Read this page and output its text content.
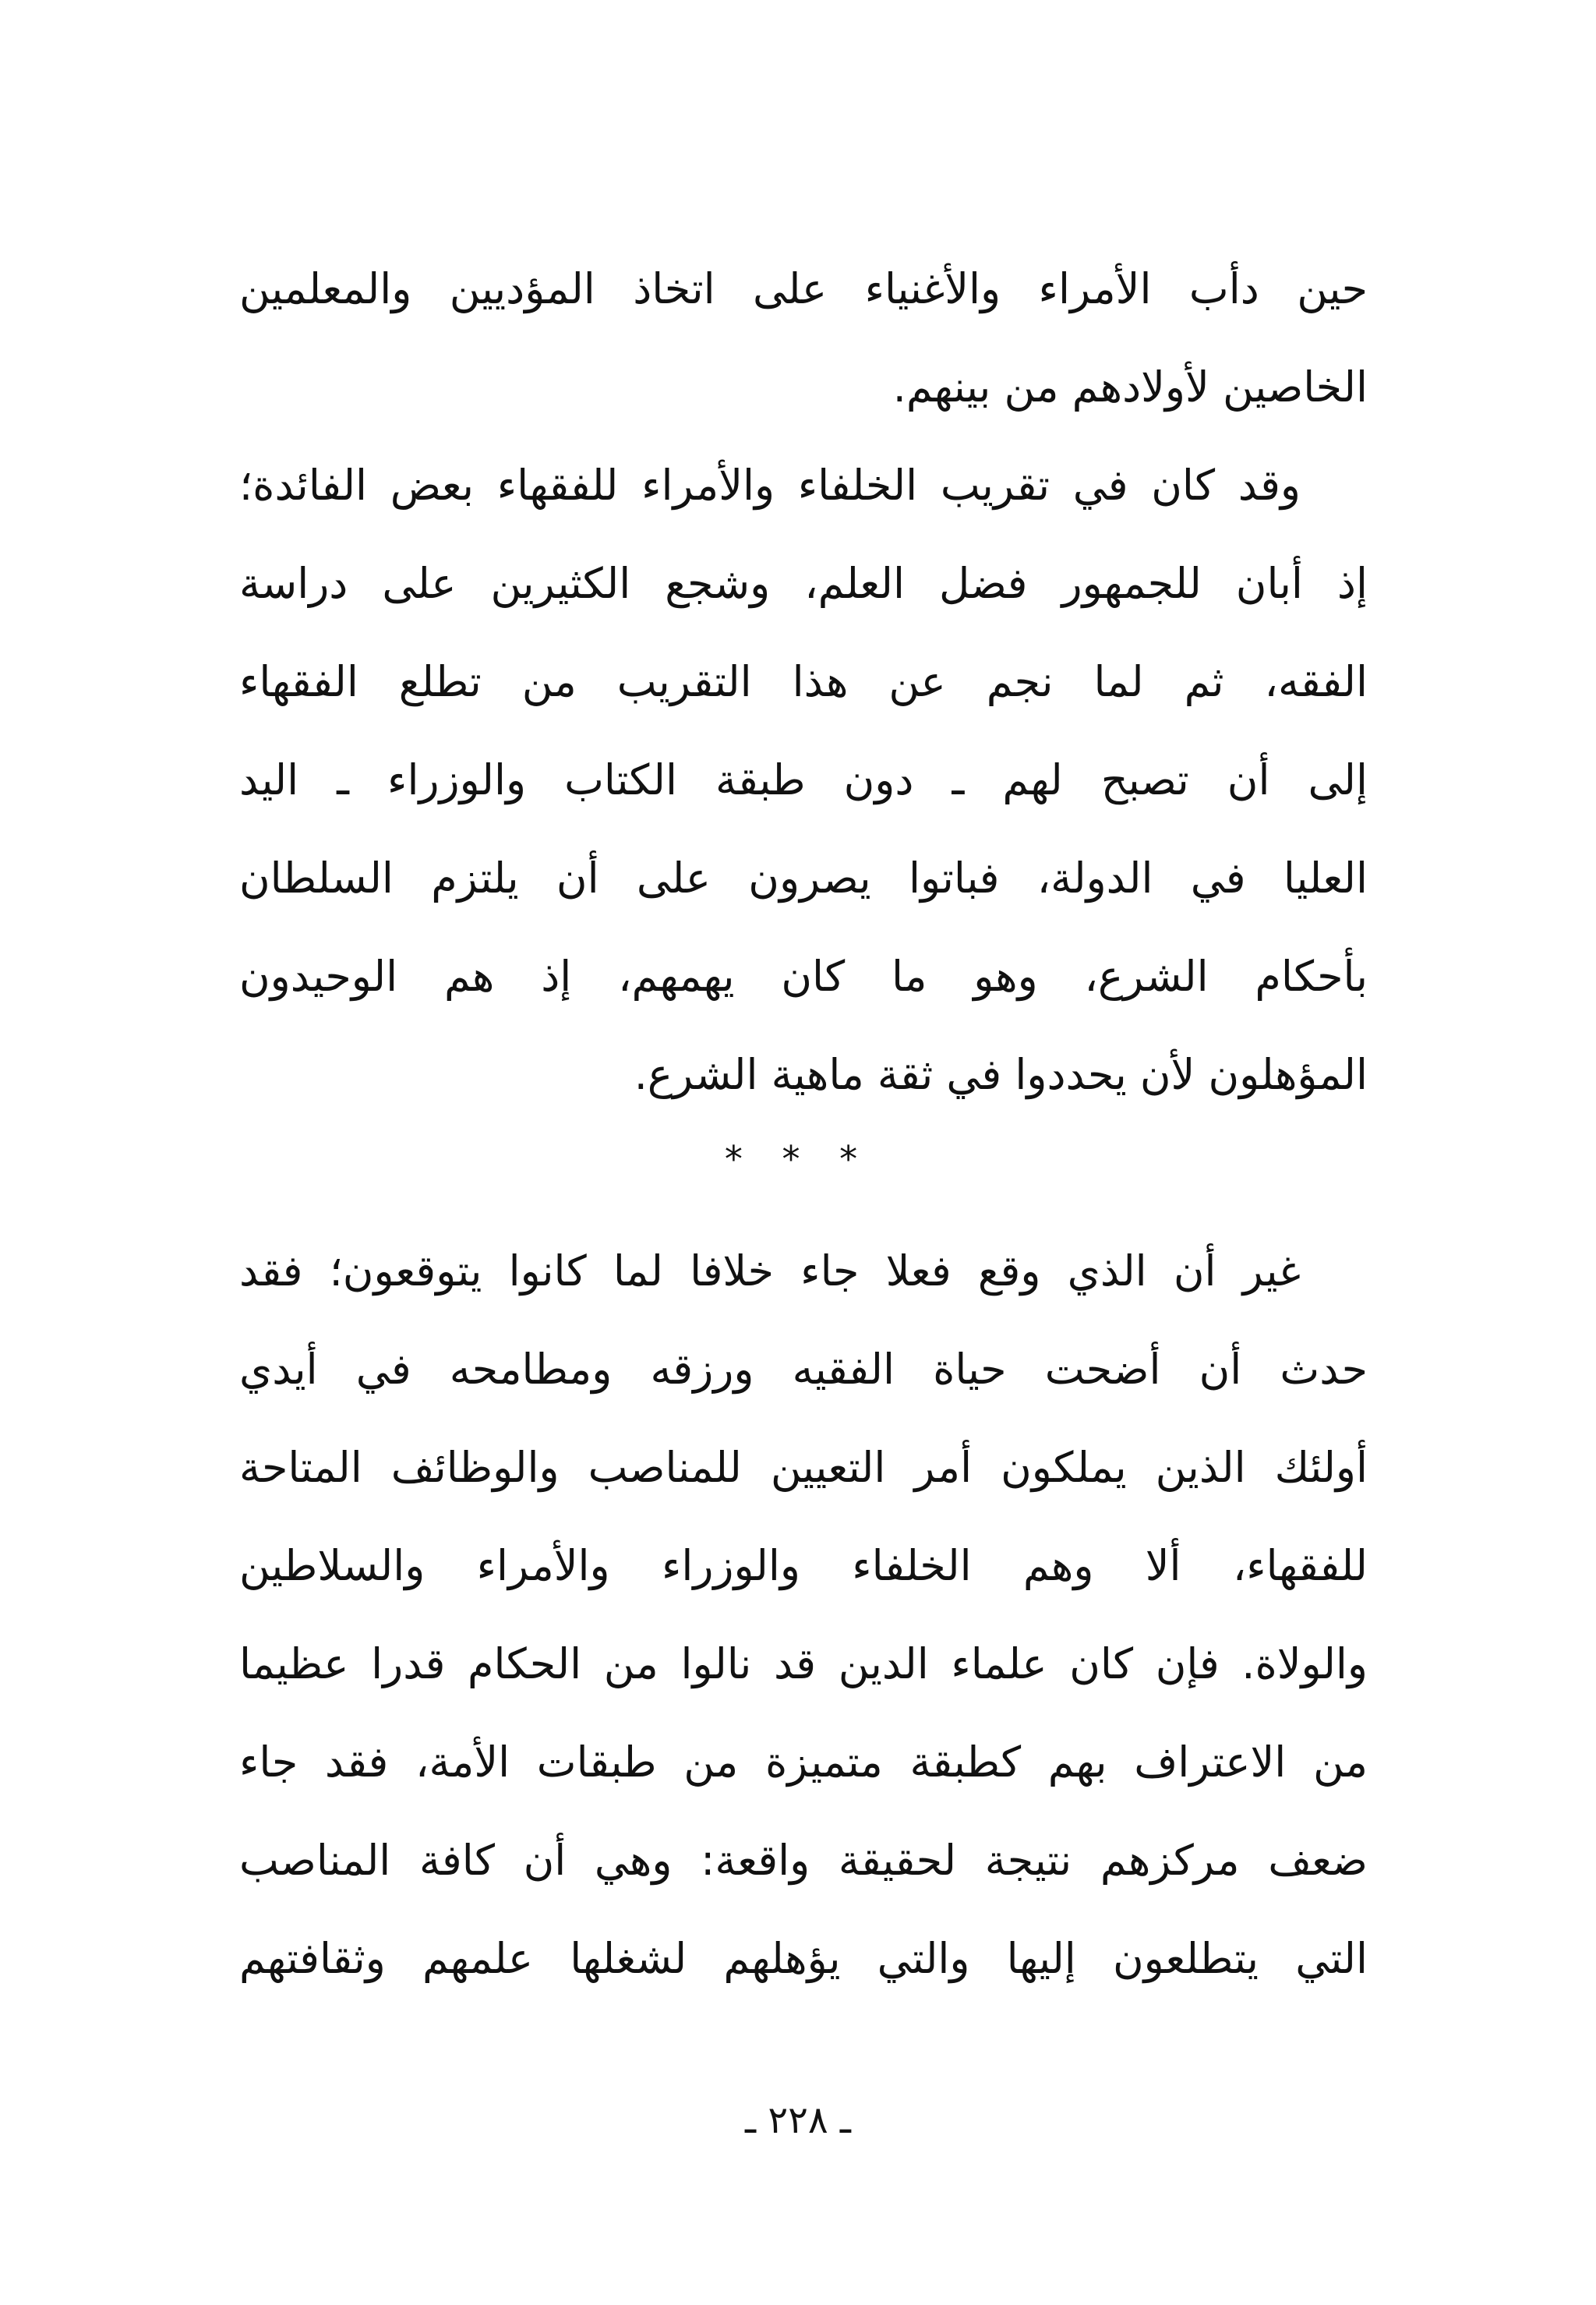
حين دأب الأمراء والأغنياء على اتخاذ المؤديين والمعلمين
الخاصين لأولادهم من بينهم.
وقد كان في تقريب الخلفاء والأمراء للفقهاء بعض الفائدة؛
إذ أبان للجمهور فضل العلم، وشجع الكثيرين على دراسة
الفقه، ثم لما نجم عن هذا التقريب من تطلع الفقهاء
إلى أن تصبح لهم ـ دون طبقة الكتاب والوزراء ـ اليد
العليا في الدولة، فباتوا يصرون على أن يلتزم السلطان
بأحكام الشرع، وهو ما كان يهمهم، إذ هم الوحيدون
المؤهلون لأن يحددوا في ثقة ماهية الشرع.
* * *
غير أن الذي وقع فعلا جاء خلافا لما كانوا يتوقعون؛ فقد
حدث أن أضحت حياة الفقيه ورزقه ومطامحه في أيدي
أولئك الذين يملكون أمر التعيين للمناصب والوظائف المتاحة
للفقهاء، ألا وهم الخلفاء والوزراء والأمراء والسلاطين
والولاة. فإن كان علماء الدين قد نالوا من الحكام قدرا عظيما
من الاعتراف بهم كطبقة متميزة من طبقات الأمة، فقد جاء
ضعف مركزهم نتيجة لحقيقة واقعة: وهي أن كافة المناصب
التي يتطلعون إليها والتي يؤهلهم لشغلها علمهم وثقافتهم
ـ ٢٢٨ ـ
